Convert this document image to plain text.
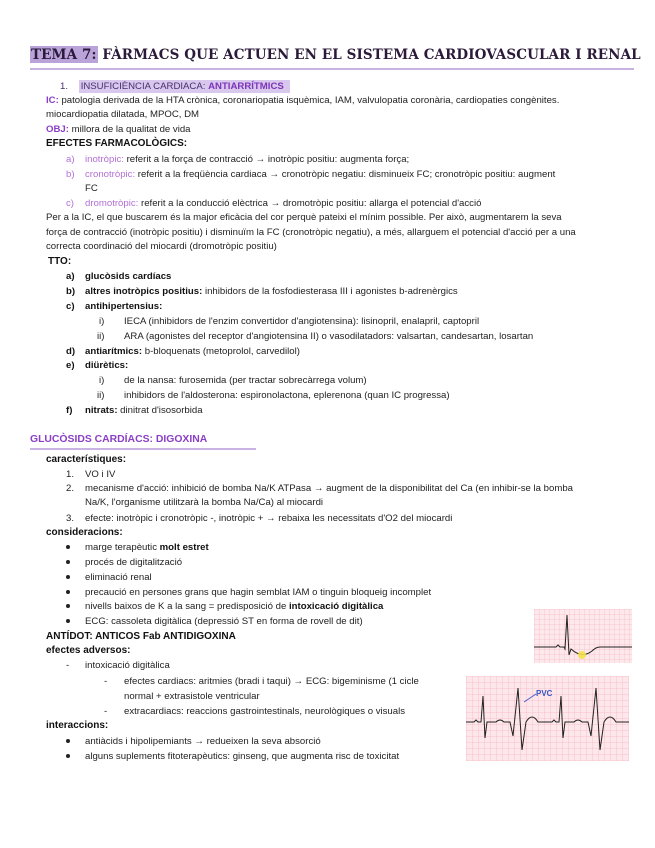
TEMA 7: FÀRMACS QUE ACTUEN EN EL SISTEMA CARDIOVASCULAR I RENAL
1. INSUFICIÈNCIA CARDIACA: ANTIARRÍTMICS
IC: patologia derivada de la HTA crònica, coronariopatia isquèmica, IAM, valvulopatia coronària, cardiopaties congènites.
miocardiopatia dilatada, MPOC, DM
OBJ: millora de la qualitat de vida
EFECTES FARMACOLÒGICS:
a) inotròpic: referit a la força de contracció → inotròpic positiu: augmenta força;
b) cronotròpic: referit a la freqüència cardiaca → cronotròpic negatiu: disminueix FC; cronotròpic positiu: augment
FC
c) dromotròpic: referit a la conducció elèctrica → dromotròpic positiu: allarga el potencial d'acció
Per a la IC, el que buscarem és la major eficàcia del cor perquè pateixi el mínim possible. Per això, augmentarem la seva
força de contracció (inotròpic positiu) i disminuïm la FC (cronotròpic negatiu), a més, allarguem el potencial d'acció per a una
correcta coordinació del miocardi (dromotròpic positiu)
TTO:
a) glucòsids cardíacs
b) altres inotròpics positius: inhibidors de la fosfodiesterasa III i agonistes b-adrenèrgics
c) antihipertensius:
i) IECA (inhibidors de l'enzim convertidor d'angiotensina): lisinopril, enalapril, captopril
ii) ARA (agonistes del receptor d'angiotensina II) o vasodilatadors: valsartan, candesartan, losartan
d) antiarítmics: b-bloquenats (metoprolol, carvedilol)
e) diürètics:
i) de la nansa: furosemida (per tractar sobrecàrrega volum)
ii) inhibidors de l'aldosterona: espironolactona, eplerenona (quan IC progressa)
f) nitrats: dinitrat d'isosorbida
GLUCÒSIDS CARDÍACS: DIGOXINA
característiques:
1. VO i IV
2. mecanisme d'acció: inhibició de bomba Na/K ATPasa → augment de la disponibilitat del Ca (en inhibir-se la bomba
Na/K, l'organisme utilitzarà la bomba Na/Ca) al miocardi
3. efecte: inotròpic i cronotròpic -, inotròpic + → rebaixa les necessitats d'O2 del miocardi
consideracions:
marge terapèutic molt estret
procés de digitalització
eliminació renal
precaució en persones grans que hagin semblat IAM o tinguin bloqueig incomplet
nivells baixos de K a la sang = predisposició de intoxicació digitàlica
ECG: cassoleta digitàlica (depressió ST en forma de rovell de dit)
ANTÍDOT: ANTICOS Fab ANTIDIGOXINA
efectes adversos:
- intoxicació digitàlica
- efectes cardiacs: aritmies (bradi i taqui) → ECG: bigeminisme (1 cicle
normal + extrasistole ventricular
- extracardiacs: reaccions gastrointestinals, neurològiques o visuals
interaccions:
antiàcids i hipolipemiants → redueixen la seva absorció
alguns suplements fitoterapèutics: ginseng, que augmenta risc de toxicitat
PVC
